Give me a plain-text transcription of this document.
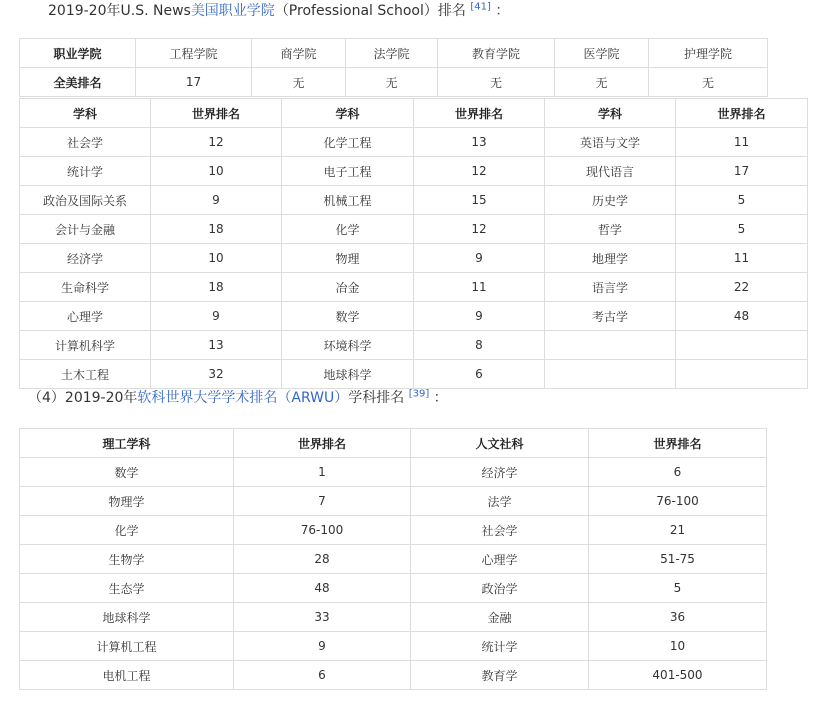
2019-20年U.S. News美国职业学院（Professional School）排名 [41] ：
职业学院	工程学院	商学院	法学院	教育学院	医学院	护理学院
全美排名	17	无	无	无	无	无
学科	世界排名	学科	世界排名	学科	世界排名
社会学	12	化学工程	13	英语与文学	11
统计学	10	电子工程	12	现代语言	17
政治及国际关系	9	机械工程	15	历史学	5
会计与金融	18	化学	12	哲学	5
经济学	10	物理	9	地理学	11
生命科学	18	冶金	11	语言学	22
心理学	9	数学	9	考古学	48
计算机科学	13	环境科学	8		
土木工程	32	地球科学	6		
（4）2019-20年软科世界大学学术排名（ARWU）学科排名 [39] ：
理工学科	世界排名	人文社科	世界排名
数学	1	经济学	6
物理学	7	法学	76-100
化学	76-100	社会学	21
生物学	28	心理学	51-75
生态学	48	政治学	5
地球科学	33	金融	36
计算机工程	9	统计学	10
电机工程	6	教育学	401-500
